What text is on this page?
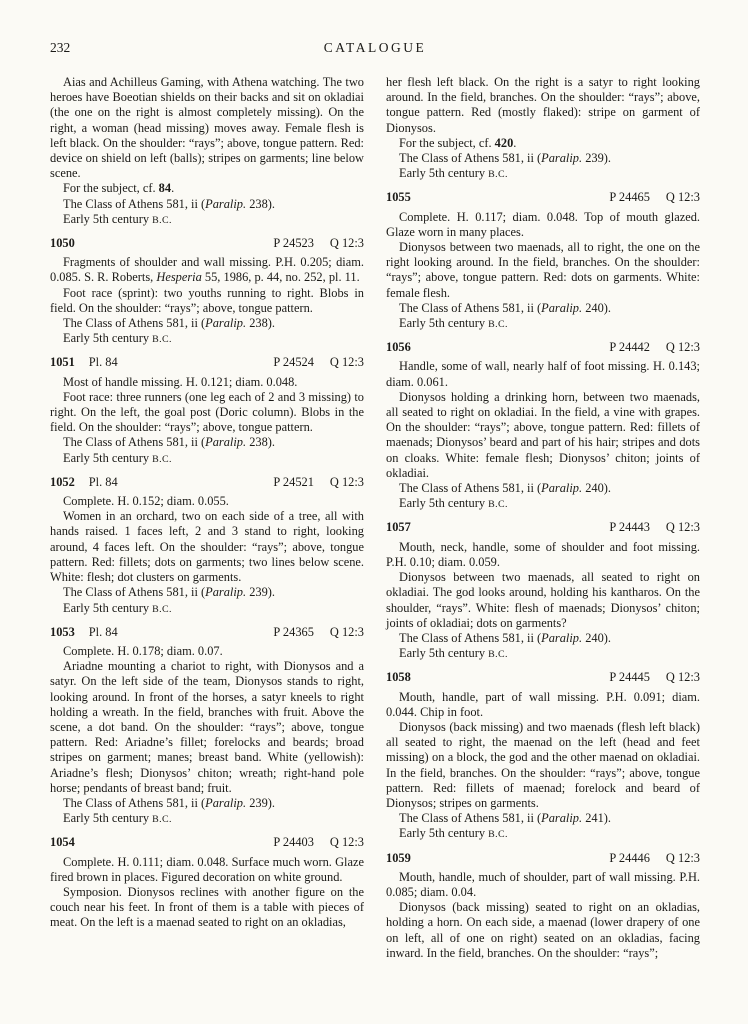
232	CATALOGUE

Aias and Achilleus Gaming, with Athena watching. The two heroes have Boeotian shields on their backs and sit on okladiai (the one on the right is almost completely missing). On the right, a woman (head missing) moves away. Female flesh is left black. On the shoulder: “rays”; above, tongue pattern. Red: device on shield on left (balls); stripes on garments; line below scene.

For the subject, cf. 84.

The Class of Athens 581, ii (Paralip. 238).

Early 5th century B.C.

1050	P 24523 Q 12:3

Fragments of shoulder and wall missing. P.H. 0.205; diam. 0.085. S. R. Roberts, Hesperia 55, 1986, p. 44, no. 252, pl. 11.

Foot race (sprint): two youths running to right. Blobs in field. On the shoulder: “rays”; above, tongue pattern.

The Class of Athens 581, ii (Paralip. 238).

Early 5th century B.C.

1051 Pl. 84	P 24524 Q 12:3

Most of handle missing. H. 0.121; diam. 0.048.

Foot race: three runners (one leg each of 2 and 3 missing) to right. On the left, the goal post (Doric column). Blobs in the field. On the shoulder: “rays”; above, tongue pattern.

The Class of Athens 581, ii (Paralip. 238).

Early 5th century B.C.

1052 Pl. 84	P 24521 Q 12:3

Complete. H. 0.152; diam. 0.055.

Women in an orchard, two on each side of a tree, all with hands raised. 1 faces left, 2 and 3 stand to right, looking around, 4 faces left. On the shoulder: “rays”; above, tongue pattern. Red: fillets; dots on garments; two lines below scene. White: flesh; dot clusters on garments.

The Class of Athens 581, ii (Paralip. 239).

Early 5th century B.C.

1053 Pl. 84	P 24365 Q 12:3

Complete. H. 0.178; diam. 0.07.

Ariadne mounting a chariot to right, with Dionysos and a satyr. On the left side of the team, Dionysos stands to right, looking around. In front of the horses, a satyr kneels to right holding a wreath. In the field, branches with fruit. Above the scene, a dot band. On the shoulder: “rays”; above, tongue pattern. Red: Ariadne’s fillet; forelocks and beards; broad stripes on garment; manes; breast band. White (yellowish): Ariadne’s flesh; Dionysos’ chiton; wreath; right-hand pole horse; pendants of breast band; fruit.

The Class of Athens 581, ii (Paralip. 239).

Early 5th century B.C.

1054	P 24403 Q 12:3

Complete. H. 0.111; diam. 0.048. Surface much worn. Glaze fired brown in places. Figured decoration on white ground.

Symposion. Dionysos reclines with another figure on the couch near his feet. In front of them is a table with pieces of meat. On the left is a maenad seated to right on an okladias,

her flesh left black. On the right is a satyr to right looking around. In the field, branches. On the shoulder: “rays”; above, tongue pattern. Red (mostly flaked): stripe on garment of Dionysos.

For the subject, cf. 420.

The Class of Athens 581, ii (Paralip. 239).

Early 5th century B.C.

1055	P 24465 Q 12:3

Complete. H. 0.117; diam. 0.048. Top of mouth glazed. Glaze worn in many places.

Dionysos between two maenads, all to right, the one on the right looking around. In the field, branches. On the shoulder: “rays”; above, tongue pattern. Red: dots on garments. White: female flesh.

The Class of Athens 581, ii (Paralip. 240).

Early 5th century B.C.

1056	P 24442 Q 12:3

Handle, some of wall, nearly half of foot missing. H. 0.143; diam. 0.061.

Dionysos holding a drinking horn, between two maenads, all seated to right on okladiai. In the field, a vine with grapes. On the shoulder: “rays”; above, tongue pattern. Red: fillets of maenads; Dionysos’ beard and part of his hair; stripes and dots on cloaks. White: female flesh; Dionysos’ chiton; joints of okladiai.

The Class of Athens 581, ii (Paralip. 240).

Early 5th century B.C.

1057	P 24443 Q 12:3

Mouth, neck, handle, some of shoulder and foot missing. P.H. 0.10; diam. 0.059.

Dionysos between two maenads, all seated to right on okladiai. The god looks around, holding his kantharos. On the shoulder, “rays”. White: flesh of maenads; Dionysos’ chiton; joints of okladiai; dots on garments?

The Class of Athens 581, ii (Paralip. 240).

Early 5th century B.C.

1058	P 24445 Q 12:3

Mouth, handle, part of wall missing. P.H. 0.091; diam. 0.044. Chip in foot.

Dionysos (back missing) and two maenads (flesh left black) all seated to right, the maenad on the left (head and feet missing) on a block, the god and the other maenad on okladiai. In the field, branches. On the shoulder: “rays”; above, tongue pattern. Red: fillets of maenad; forelock and beard of Dionysos; stripes on garments.

The Class of Athens 581, ii (Paralip. 241).

Early 5th century B.C.

1059	P 24446 Q 12:3

Mouth, handle, much of shoulder, part of wall missing. P.H. 0.085; diam. 0.04.

Dionysos (back missing) seated to right on an okladias, holding a horn. On each side, a maenad (lower drapery of one on left, all of one on right) seated on an okladias, facing inward. In the field, branches. On the shoulder: “rays”;
